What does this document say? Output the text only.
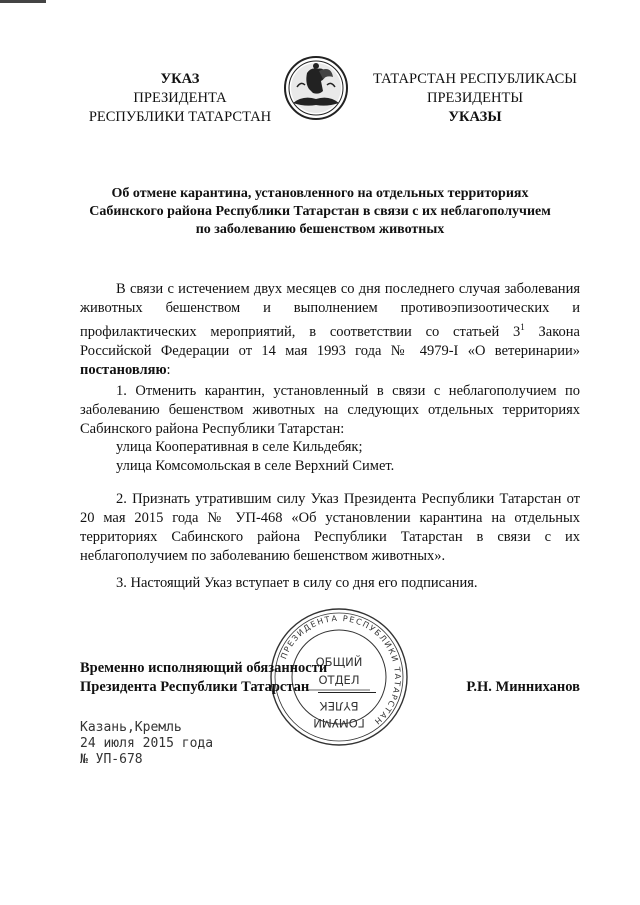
УКАЗ
ПРЕЗИДЕНТА
РЕСПУБЛИКИ ТАТАРСТАН
ТАТАРСТАН РЕСПУБЛИКАСЫ
ПРЕЗИДЕНТЫ
УКАЗЫ
Об отмене карантина, установленного на отдельных территориях
Сабинского района Республики Татарстан в связи с их неблагополучием
по заболеванию бешенством животных

В связи с истечением двух месяцев со дня последнего случая заболевания животных бешенством и выполнением противоэпизоотических и профилактических мероприятий, в соответствии со статьей $3^1$ Закона Российской Федерации от 14 мая 1993 года № 4979-I «О ветеринарии» постановляю:

1. Отменить карантин, установленный в связи с неблагополучием по заболеванию бешенством животных на следующих отдельных территориях Сабинского района Республики Татарстан:

улица Кооперативная в селе Кильдебяк;
улица Комсомольская в селе Верхний Симет.

2. Признать утратившим силу Указ Президента Республики Татарстан от 20 мая 2015 года № УП-468 «Об установлении карантина на отдельных территориях Сабинского района Республики Татарстан в связи с их неблагополучием по заболеванию бешенством животных».

3. Настоящий Указ вступает в силу со дня его подписания.

ПРЕЗИДЕНТА РЕСПУБЛИКИ ТАТАРСТАН
ОБЩИЙ
ОТДЕЛ
БҮЛЕК
ГОМУМИ
Временно исполняющий обязанности
Президента Республики Татарстан	Р.Н. Минниханов
Казань,Кремль
24 июля 2015 года
№ УП-678
